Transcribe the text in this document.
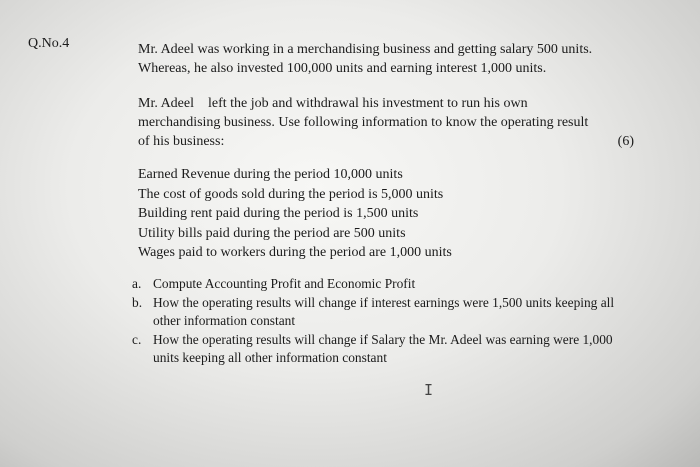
Q.No.4	Mr. Adeel was working in a merchandising business and getting salary 500 units.
Whereas, he also invested 100,000 units and earning interest 1,000 units.
Mr. Adeel    left the job and withdrawal his investment to run his own
merchandising business. Use following information to know the operating result
of his business:	(6)
Earned Revenue during the period 10,000 units
The cost of goods sold during the period is 5,000 units
Building rent paid during the period is 1,500 units
Utility bills paid during the period are 500 units
Wages paid to workers during the period are 1,000 units
a. Compute Accounting Profit and Economic Profit
b. How the operating results will change if interest earnings were 1,500 units keeping all other information constant
c. How the operating results will change if Salary the Mr. Adeel was earning were 1,000 units keeping all other information constant
I
